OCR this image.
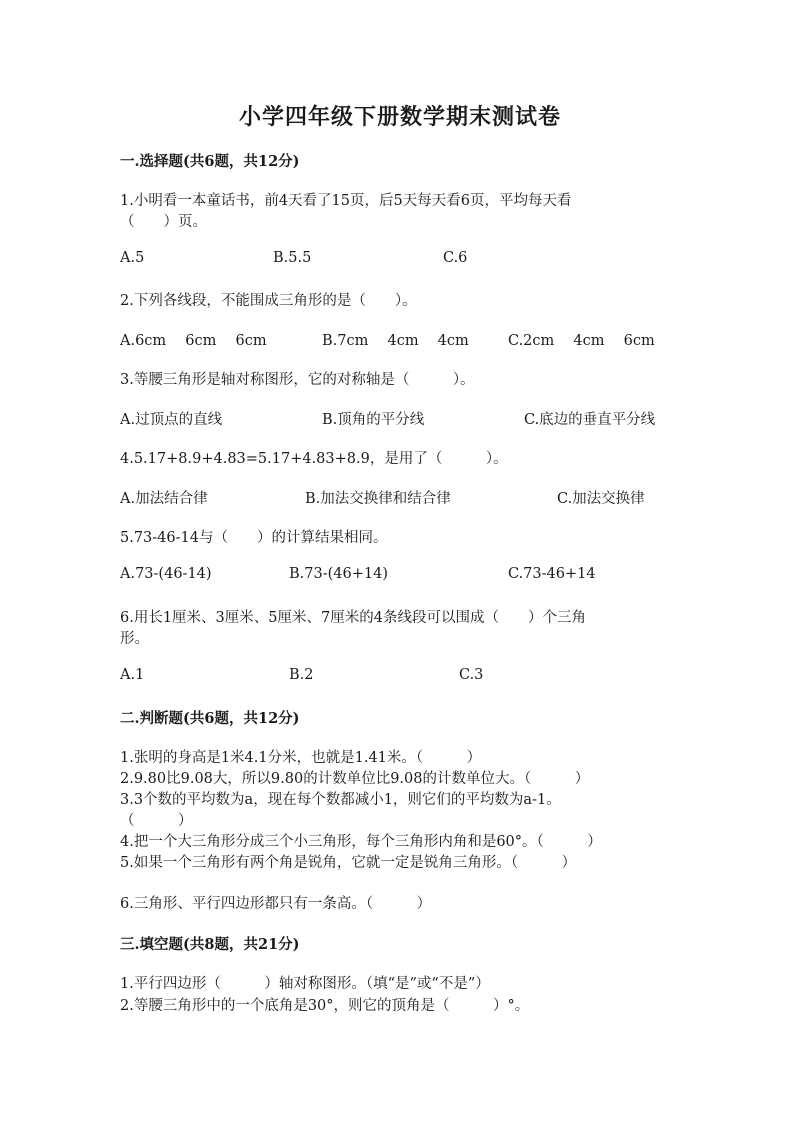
小学四年级下册数学期末测试卷
一.选择题(共6题，共12分)
1.小明看一本童话书，前4天看了15页，后5天每天看6页，平均每天看
（　　）页。
A.5	B.5.5	C.6
2.下列各线段，不能围成三角形的是（　　）。
A.6cm　 6cm　 6cm	B.7cm　 4cm　 4cm	C.2cm　 4cm　 6cm
3.等腰三角形是轴对称图形，它的对称轴是（　　　）。
A.过顶点的直线	B.顶角的平分线	C.底边的垂直平分线
4.5.17+8.9+4.83=5.17+4.83+8.9，是用了（　　　）。
A.加法结合律	B.加法交换律和结合律	C.加法交换律
5.73-46-14与（　　）的计算结果相同。
A.73-(46-14)	B.73-(46+14)	C.73-46+14
6.用长1厘米、3厘米、5厘米、7厘米的4条线段可以围成（　　）个三角
形。
A.1	B.2	C.3
二.判断题(共6题，共12分)
1.张明的身高是1米4.1分米，也就是1.41米。（　　　）
2.9.80比9.08大，所以9.80的计数单位比9.08的计数单位大。（　　　）
3.3个数的平均数为a，现在每个数都减小1，则它们的平均数为a-1。
（　　　）
4.把一个大三角形分成三个小三角形，每个三角形内角和是60°。（　　　）
5.如果一个三角形有两个角是锐角，它就一定是锐角三角形。（　　　）
6.三角形、平行四边形都只有一条高。（　　　）
三.填空题(共8题，共21分)
1.平行四边形（　　　）轴对称图形。（填“是”或“不是”）
2.等腰三角形中的一个底角是30°，则它的顶角是（　　　）°。
